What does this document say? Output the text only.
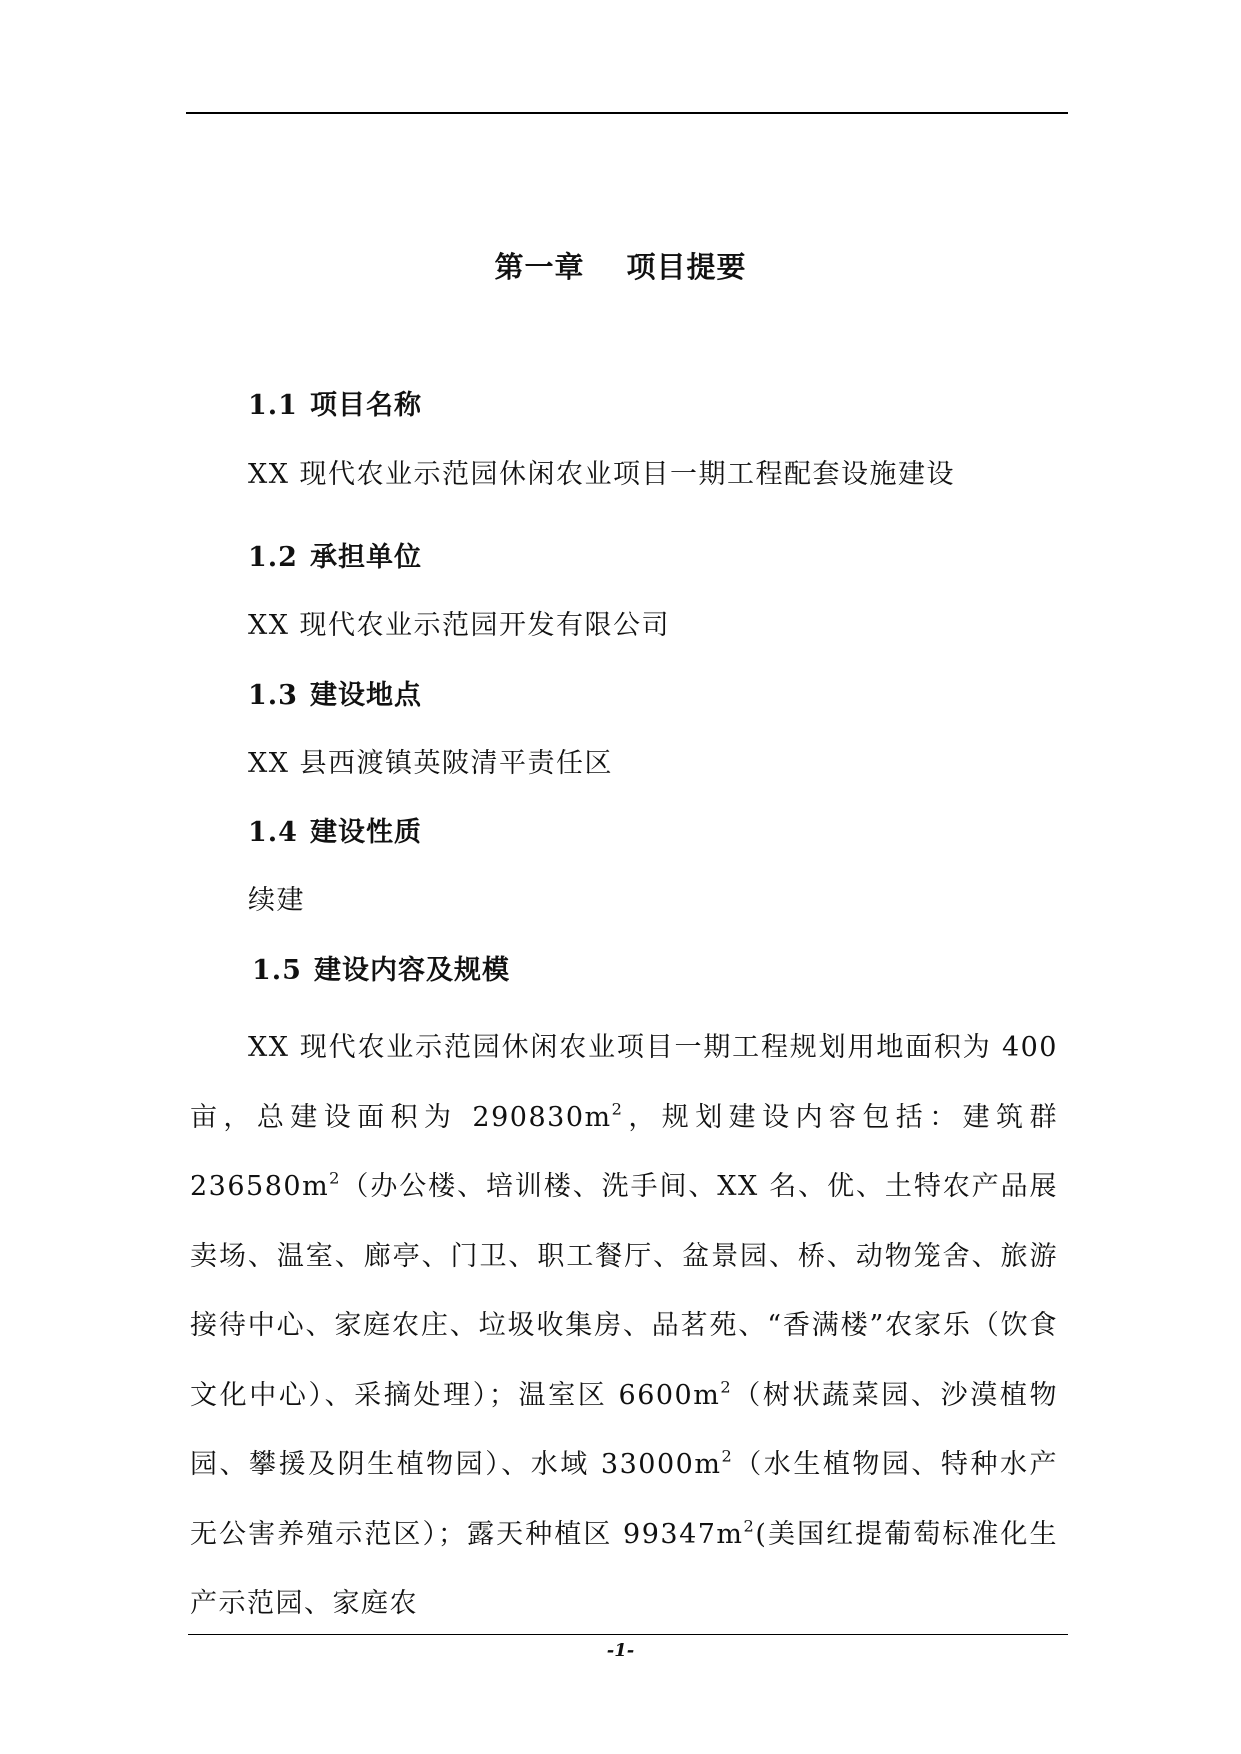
第一章 项目提要
1.1 项目名称
XX 现代农业示范园休闲农业项目一期工程配套设施建设
1.2 承担单位
XX 现代农业示范园开发有限公司
1.3 建设地点
XX 县西渡镇英陂清平责任区
1.4 建设性质
续建
1.5 建设内容及规模
XX 现代农业示范园休闲农业项目一期工程规划用地面积为 400 亩，总建设面积为 $290830m^2$，规划建设内容包括：建筑群 $236580m^2$（办公楼、培训楼、洗手间、XX 名、优、土特农产品展卖场、温室、廊亭、门卫、职工餐厅、盆景园、桥、动物笼舍、旅游接待中心、家庭农庄、垃圾收集房、品茗苑、“香满楼”农家乐（饮食文化中心）、采摘处理）；温室区 $6600m^2$（树状蔬菜园、沙漠植物园、攀援及阴生植物园）、水域 $33000m^2$（水生植物园、特种水产无公害养殖示范区）；露天种植区 $99347m^2$(美国红提葡萄标准化生产示范园、家庭农
-1-
